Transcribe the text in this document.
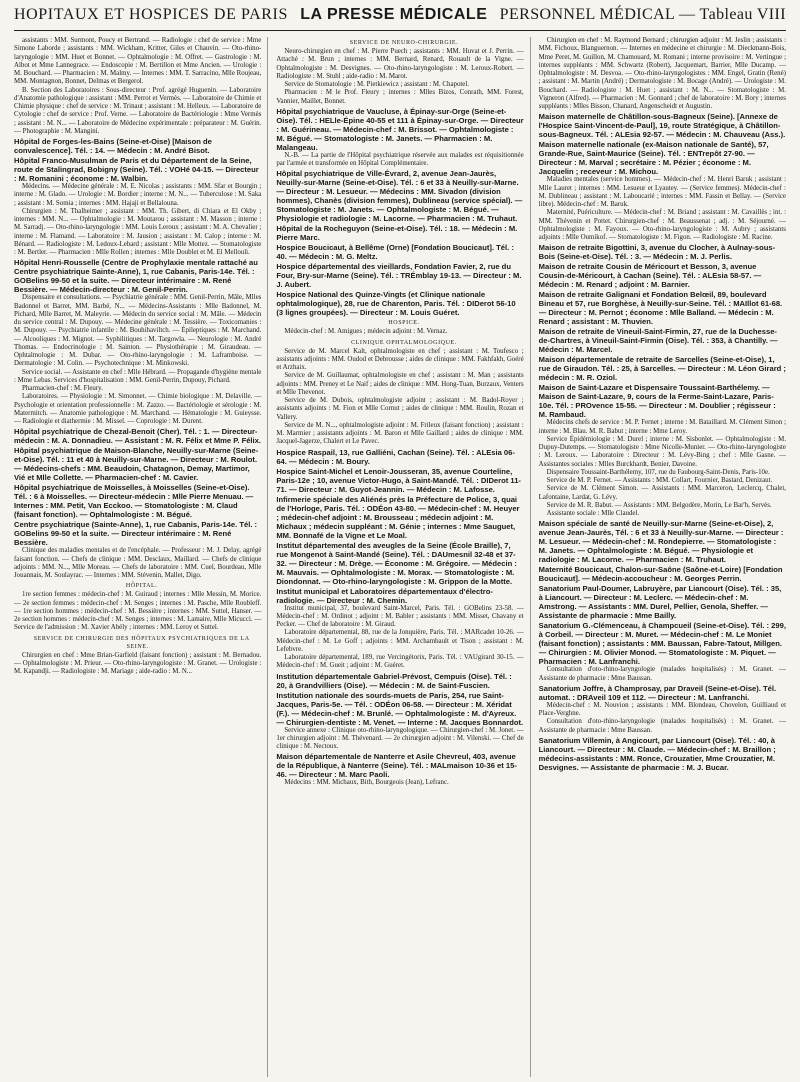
HOPITAUX ET HOSPICES DE PARIS LA PRESSE MÉDICALE PERSONNEL MÉDICAL — Tableau VIII

assistants : MM. Surmont, Poucy et Bertrand. — Radiologie : chef de service : Mme Simone Laborde ; assistants : MM. Wickham, Kritter, Giles et Chauvin. — Oto-rhino-laryngologie : MM. Huet et Bonnet. — Ophtalmologie : M. Offret. — Gastrologie : M. Albot et Mme Lannegrace. — Endoscopie : M. Bertillon et Mme Ancien. — Urologie : M. Bouchard. — Pharmacien : M. Malmy. — Internes : MM. T. Sarracino, Mlle Roujeau, MM. Montagnon, Bonnet, Delmas et Bergerol.

B. Section des Laboratoires : Sous-directeur : Prof. agrégé Huguenin. — Laboratoire d'Anatomie pathologique : assistant : MM. Perrot et Vermès. — Laboratoire de Chimie et Chimie physique : chef de service : M. Trinaut ; assistant : M. Helleux. — Laboratoire de Cytologie : chef de service : Prof. Verne. — Laboratoire de Bactériologie : Mme Vermès ; assistant : M. N... — Laboratoire de Médecine expérimentale : préparateur : M. Guérin. — Photographie : M. Mangini.

Hôpital de Forges-les-Bains (Seine-et-Oise) [Maison de convalescence]. Tél. : 14. — Médecin : M. André Bisot.
Hôpital Franco-Musulman de Paris et du Département de la Seine, route de Stalingrad, Bobigny (Seine). Tél. : VOHé 04-15. — Directeur : M. Romanini ; économe : M. Walbin.

Médecins. — Médecine générale : M. E. Nicolas ; assistants : MM. Sfar et Bourgin ; interne : M. Glado. — Urologie : M. Bordier ; interne : M. N... — Tuberculose : M. Saka ; assistant : M. Somia ; internes : MM. Hajaji et Bellalouna.

Chirurgien : M. Thalheimer ; assistant : MM. Th. Gibert, di Chiara et El Okby ; internes : MM. N... — Ophtalmologie : M. Moutarou ; assistant : M. Masson ; interne : M. Sarradj. — Oto-rhino-laryngologie : MM. Louis Leroux ; assistant : M. A. Chevalier ; interne : M. Flamand. — Laboratoire : M. Jausion ; assistant : M. Calop ; interne : M. Bénard. — Radiologiste : M. Ledoux-Lebard ; assistant : Mlle Mottez. — Stomatologiste : M. Bertler. — Pharmacien : Mlle Rollen ; internes : Mlle Doublet et M. El Mellouli.

Hôpital Henri-Rousselle (Centre de Prophylaxie mentale rattaché au Centre psychiatrique Sainte-Anne), 1, rue Cabanis, Paris-14e. Tél. : GOBelins 99-50 et la suite. — Directeur intérimaire : M. René Bessière. — Médecin-directeur : M. Genil-Perrin.

Dispensaire et consultations. — Psychiatrie générale : MM. Genil-Perrin, Mâle, Mlles Badonnel et Barret, MM. Barbé, N... — Médecins-Assistants : Mlle Badonnel, M. Pichard, Mlle Barret, M. Maleyrie. — Médecin du service social : M. Mâle. — Médecin du service central : M. Dupouy. — Médecine générale : M. Tessière. — Toxicomanies : M. Dupouy. — Psychiatrie infantile : M. Bouhihaviltch. — Épileptiques : M. Marchand. — Alcooliques : M. Mignot. — Syphilitiques : M. Targowla. — Neurologie : M. André Thomas. — Endocrinologie : M. Sainton. — Physiothérapie : M. Giraudeau. — Ophtalmologie : M. Dubar. — Oto-rhino-laryngologie : M. Laframboise. — Dermatologie : M. Colin. — Psychotechnique : M. Minkowski.

Service social. — Assistante en chef : Mlle Hébrard. — Propagande d'hygiène mentale : Mme Lebas. Services d'hospitalisation : MM. Genil-Perrin, Dupouy, Pichard.

Pharmacien-chef : M. Fleury.

Laboratoires. — Physiologie : M. Simonnet. — Chimie biologique : M. Delaville. — Psychologie et orientation professionnelle : M. Zazzo. — Bactériologie et sérologie : M. Matermitch. — Anatomie pathologique : M. Marchand. — Hématologie : M. Guieysse. — Radiologie et diathermie : M. Missel. — Coprologie : M. Durent.

Hôpital psychiatrique de Chezal-Benoit (Cher). Tél. : 1. — Directeur-médecin : M. A. Donnadieu. — Assistant : M. R. Félix et Mme P. Félix.
Hôpital psychiatrique de Maison-Blanche, Neuilly-sur-Marne (Seine-et-Oise). Tél. : 11 et 40 à Neuilly-sur-Marne. — Directeur : M. Roulot. — Médecins-chefs : MM. Beaudoin, Chatagnon, Demay, Martimor, Vié et Mlle Collette. — Pharmacien-chef : M. Cavier.
Hôpital psychiatrique de Moisselles, à Moisselles (Seine-et-Oise). Tél. : 6 à Moisselles. — Directeur-médecin : Mlle Pierre Menuau. — Internes : MM. Petit, Van Ecckoo. — Stomatologiste : M. Claud (faisant fonction). — Ophtalmologiste : M. Bégué.
Centre psychiatrique (Sainte-Anne), 1, rue Cabanis, Paris-14e. Tél. : GOBelins 99-50 et la suite. — Directeur intérimaire : M. René Bessière.

Clinique des maladies mentales et de l'encéphale. — Professeur : M. J. Delay, agrégé faisant fonction. — Chefs de clinique : MM. Desclaux, Maillard. — Chefs de clinique adjoints : MM. N..., Mlle Moreau. — Chefs de laboratoire : MM. Cuel, Bourdeau, Mlle Jouannais, M. Soulayrac. — Internes : MM. Stévenin, Mallet, Digo.

HÔPITAL.

1re section femmes : médecin-chef : M. Guiraud ; internes : Mlle Messin, M. Morice. — 2e section femmes : médecin-chef : M. Senges ; internes : M. Pasche, Mlle Roubleff. — 1re section hommes : médecin-chef : M. Bessière ; internes : MM. Suttel, Hanser. — 2e section hommes : médecin-chef : M. Senges ; internes : M. Lamaire, Mlle Micucci. — Service de l'admission : M. Xavier Abély ; internes : MM. Leroy et Suttel.

SERVICE DE CHIRURGIE DES HÔPITAUX PSYCHIATRIQUES DE LA SEINE.

Chirurgien en chef : Mme Brian-Garfield (faisant fonction) ; assistant : M. Bernadou. — Ophtalmologiste : M. Prieur. — Oto-rhino-laryngologiste : M. Granet. — Urologiste : M. Kapandji. — Radiologiste : M. Mariage ; aide-radio : M. N...

SERVICE DE NEURO-CHIRURGIE.

Neuro-chirurgien en chef : M. Pierre Puech ; assistants : MM. Huvat et J. Perrin. — Attaché : M. Brun ; internes : MM. Bernard, Renard, Rouault de la Vigne. — Ophtalmologiste : M. Desvignes. — Oto-rhino-laryngologiste : M. Leroux-Robert. — Radiologiste : M. Stuhl ; aide-radio : M. Marot.

Service de Stomatologie : M. Pietkiewicz ; assistant : M. Chapotel.

Pharmacien : M le Prof. Fleury ; internes : Mlles Bizos, Conrath, MM. Forest, Vannier, Maillet, Bonnet.

Hôpital psychiatrique de Vaucluse, à Épinay-sur-Orge (Seine-et-Oise). Tél. : HELle-Épine 40-55 et 111 à Épinay-sur-Orge. — Directeur : M. Guérineau. — Médecin-chef : M. Brissot. — Ophtalmologiste : M. Bégué. — Stomatologiste : M. Janets. — Pharmacien : M. Malangeau.

N.-B. — La partie de l'Hôpital psychiatrique réservée aux malades est réquisitionnée par l'armée et transformée en Hôpital Complémentaire.

Hôpital psychiatrique de Ville-Évrard, 2, avenue Jean-Jaurès, Neuilly-sur-Marne (Seine-et-Oise). Tél. : 6 et 33 à Neuilly-sur-Marne. — Directeur : M. Lesueur. — Médecins : MM. Sivadon (division hommes), Chanès (division femmes), Dublineau (service spécial). — Stomatologiste : M. Janets. — Ophtalmologiste : M. Bégué. — Physiologie et radiologie : M. Lacorne. — Pharmacien : M. Truhaut.
Hôpital de la Rocheguyon (Seine-et-Oise). Tél. : 18. — Médecin : M. Pierre Marc.
Hospice Boucicaut, à Bellême (Orne) [Fondation Boucicaut]. Tél. : 40. — Médecin : M. G. Meltz.
Hospice départemental des vieillards, Fondation Favier, 2, rue du Four, Bry-sur-Marne (Seine). Tél. : TRÉmblay 19-13. — Directeur : M. J. Aubert.
Hospice National des Quinze-Vingts (et Clinique nationale ophtalmologique), 28, rue de Charenton, Paris. Tél. : DIDerot 56-10 (3 lignes groupées). — Directeur : M. Louis Guéret.

HOSPICE.

Médecin-chef : M. Amigues ; médecin adjoint : M. Vernaz.

CLINIQUE OPHTALMOLOGIQUE.

Service de M. Marcel Kalt, ophtalmologiste en chef ; assistant : M. Toufesco ; assistants adjoints : MM. Oudod et Debrousse ; aides de clinique : MM. Fakhfakh, Goéré et Arzhaix.

Service de M. Guillaumat, ophtalmologiste en chef ; assistant : M. Man ; assistants adjoints : MM. Preney et Le Naif ; aides de clinique : MM. Hong-Tuan, Burzaux, Venters et Mlle Thevenot.

Service de M. Dubois, ophtalmologiste adjoint ; assistant : M. Badol-Royer ; assistants adjoints : M. Fion et Mlle Cornut ; aides de clinique : MM. Roulin, Rozan et Vallery.

Service de M. N..., ophtalmologiste adjoint : M. Frileux (faisant fonction) ; assistant : M. Marmier ; assistants adjoints : M. Baron et Mlle Gaillard ; aides de clinique : MM. Jacquel-Jagerze, Chalert et Le Pavec.

Hospice Raspail, 13, rue Galliéni, Cachan (Seine). Tél. : ALEsia 06-64. — Médecin : M. Boury.
Hospice Saint-Michel et Lenoir-Jousseran, 35, avenue Courteline, Paris-12e ; 10, avenue Victor-Hugo, à Saint-Mandé. Tél. : DIDerot 11-71. — Directeur : M. Guyot-Jeannin. — Médecin : M. Lafosse.
Infirmerie spéciale des Aliénés près la Préfecture de Police, 3, quai de l'Horloge, Paris. Tél. : ODÉon 43-80. — Médecin-chef : M. Heuyer ; médecin-chef adjoint : M. Brousseau ; médecin adjoint : M. Michaux ; médecin suppléant : M. Génie ; internes : Mme Sauguet, MM. Bonnafé de la Vigne et Le Moal.
Institut départemental des aveugles de la Seine (École Braille), 7, rue Mongenot à Saint-Mandé (Seine). Tél. : DAUmesnil 32-48 et 37-32. — Directeur : M. Drège. — Économe : M. Grégoire. — Médecin : M. Mauvais. — Ophtalmologiste : M. Morax. — Stomatologiste : M. Diondonnat. — Oto-rhino-laryngologiste : M. Grippon de la Motte.
Institut municipal et Laboratoires départementaux d'électro-radiologie. — Directeur : M. Chemin.

Institut municipal, 37, boulevard Saint-Marcel, Paris. Tél. : GOBelins 23-58. — Médecin-chef : M. Ordinot ; adjoint : M. Babler ; assistants : MM. Misset, Chavany et Pecker. — Chef de laboratoire : M. Giraud.

Laboratoire départemental, 88, rue de la Jonquière, Paris. Tél. : MARcadet 10-26. — Médecin-chef : M. Le Goff ; adjoints : MM. Archambault et Tison ; assistant : M. Lefebvre.

Laboratoire départemental, 189, rue Vercingétorix, Paris. Tél. : VAUgirard 30-15. — Médecin-chef : M. Gueit ; adjoint : M. Guéret.

Institution départementale Gabriel-Prévost, Cempuis (Oise). Tél. : 20, à Grandvilliers (Oise). — Médecin : M. de Saint-Fuscien.
Institution nationale des sourds-muets de Paris, 254, rue Saint-Jacques, Paris-5e. — Tél. : ODÉon 06-58. — Directeur : M. Xéridat (F.). — Médecin-chef : M. Brunlé. — Ophtalmologiste : M. d'Ayreux. — Chirurgien-dentiste : M. Venet. — Interne : M. Jacques Bonnardot.

Service annexe : Clinique oto-rhino-laryngologique. — Chirurgien-chef : M. Jonet. — 1er chirurgien adjoint : M. Thévenard. — 2e chirurgien adjoint : M. Vilenski. — Chef de clinique : M. Nectoux.

Maison départementale de Nanterre et Asile Chevreul, 403, avenue de la République, à Nanterre (Seine). Tél. : MALmaison 10-36 et 15-46. — Directeur : M. Marc Paoli.

Médecins : MM. Michaux, Bith, Bourgeois (Jean), Lefranc.

Chirurgien en chef : M. Raymond Bernard ; chirurgien adjoint : M. Jeslin ; assistants : MM. Fichoux, Blanguernon. — Internes en médecine et chirurgie : M. Dieckmann-Bois, Mme Peret, M. Guillon, M. Chamouard, M. Romani ; interne provisoire : M. Vertingue ; internes suppléants : MM. Schwartz (Robert), Jacquemart, Barrier, Mlle Ducamp. — Ophtalmologiste : M. Desvoa. — Oto-rhino-laryngologistes : MM. Engel, Gratin (René) ; assistant : M. Martin (André) ; Dermatologiste : M. Bocage (André). — Urologiste : M. Bouchard. — Radiologiste : M. Huet ; assistant : M. N... — Stomatologiste : M. Vigneron (Alfred). — Pharmacien : M. Gonnard ; chef de laboratoire : M. Bory ; internes suppléants : Mlles Bisson, Chanard, Angenscheidt et Augustin.

Maison maternelle de Châtillon-sous-Bagneux (Seine). [Annexe de l'Hospice Saint-Vincent-de-Paul], 19, route Stratégique, à Châtillon-sous-Bagneux. Tél. : ALEsia 92-57. — Médecin : M. Chauveau (Ass.).
Maison maternelle nationale (ex-Maison nationale de Santé), 57, Grande-Rue, Saint-Maurice (Seine). Tél. : ENTrepôt 27-90. — Directeur : M. Marval ; secrétaire : M. Pézier ; économe : M. Jacquelin ; receveur : M. Michou.

Maladies mentales (service hommes). — Médecin-chef : M. Henri Baruk ; assistant : Mlle Lauret ; internes : MM. Lesueur et Lyautey. — (Service femmes). Médecin-chef : M. Dublineau ; assistant : M. Laboucarié ; internes : MM. Fassin et Bellay. — (Service libre). Médecin-chef : M. Baruk.

Maternité, Puériculture. — Médecin-chef : M. Briand ; assistant : M. Cavaillès ; int. : MM. Thévenin et Pottet. Chirurgien-chef : M. Beaussenat ; adj. : M. Séjourné. — Ophtalmologiste : M. Fayoux. — Oto-rhino-laryngologiste : M. Aubry ; assistants adjoints : Mlle Oumikof. — Stomatologiste : M. Figon. — Radiologiste : M. Racine.

Maison de retraite Bigottini, 3, avenue du Clocher, à Aulnay-sous-Bois (Seine-et-Oise). Tél. : 3. — Médecin : M. J. Perlis.
Maison de retraite Cousin de Méricourt et Besson, 3, avenue Cousin-de-Méricourt, à Cachan (Seine). Tél. : ALEsia 58-57. — Médecin : M. Renard ; adjoint : M. Barnier.
Maison de retraite Galignani et Fondation Belœil, 89, boulevard Bineau et 57, rue Borghèse, à Neuilly-sur-Seine. Tél. : MAIllot 61-68. — Directeur : M. Pernot ; économe : Mlle Balland. — Médecin : M. Renard ; assistant : M. Thuvien.
Maison de retraite de Vineuil-Saint-Firmin, 27, rue de la Duchesse-de-Chartres, à Vineuil-Saint-Firmin (Oise). Tél. : 353, à Chantilly. — Médecin : M. Marcel.
Maison départementale de retraite de Sarcelles (Seine-et-Oise), 1, rue de Giraudon. Tél. : 25, à Sarcelles. — Directeur : M. Léon Girard ; médecin : M. R. Oziol.
Maison de Saint-Lazare et Dispensaire Toussaint-Barthélemy. — Maison de Saint-Lazare, 9, cours de la Ferme-Saint-Lazare, Paris-10e. Tél. : PROvence 15-55. — Directeur : M. Doublier ; régisseur : M. Rambaud.

Médecins chefs de service : M. P. Fernet ; interne : M. Bataillard. M. Clément Simon ; interne : M. Blau. M. R. Babut ; interne : Mme Leroy.

Service Épidémiologie : M. Durel ; interne : M. Sisbonlet. — Ophtalmologiste : M. Dupuy-Dutemps. — Stomatologiste : Mme Nicolle-Munier. — Oto-rhino-laryngologiste : M. Leroux. — Laboratoire : Directeur : M. Lévy-Bing ; chef : Mlle Gasne. — Assistantes sociales : Mlles Burckhardt, Benier, Davoine.

Dispensaire Toussaint-Barthélemy, 107, rue du Faubourg-Saint-Denis, Paris-10e.

Service de M. P. Fernet. — Assistants : MM. Collart, Fournier, Bastard, Denizaut.

Service de M. Clément Simon. — Assistants : MM. Marceron, Leclercq, Chalet, Lafontaine, Lardat, G. Lévy.

Service de M. R. Babut. — Assistants : MM. Belgodère, Morin, Le Bar'h, Servès.

Assistante sociale : Mlle Claudel.

Maison spéciale de santé de Neuilly-sur-Marne (Seine-et-Oise), 2, avenue Jean-Jaurès, Tél. : 6 et 33 à Neuilly-sur-Marne. — Directeur : M. Lesueur. — Médecin-chef : M. Rondepierre. — Stomatologiste : M. Janets. — Ophtalmologiste : M. Bégué. — Physiologie et radiologie : M. Lacorne. — Pharmacien : M. Truhaut.
Maternité Boucicaut, Chalon-sur-Saône (Saône-et-Loire) [Fondation Boucicaut]. — Médecin-accoucheur : M. Georges Perrin.
Sanatorium Paul-Doumer, Labruyère, par Liancourt (Oise). Tél. : 35, à Liancourt. — Directeur : M. Leclerc. — Médecin-chef : M. Amstrong. — Assistants : MM. Durel, Pellier, Genola, Sheffer. — Assistante de pharmacie : Mme Bailly.
Sanatorium G.-Clémenceau, à Champcueil (Seine-et-Oise). Tél. : 299, à Corbeil. — Directeur : M. Muret. — Médecin-chef : M. Le Moniet (faisant fonction) ; assistants : MM. Baussan, Fabre-Tatout, Millgen. — Chirurgien : M. Olivier Monod. — Stomatologiste : M. Piquet. — Pharmacien : M. Lanfranchi.

Consultation d'oto-rhino-laryngologie (malades hospitalisés) : M. Granet. — Assistante de pharmacie : Mme Baussan.

Sanatorium Joffre, à Champrosay, par Draveil (Seine-et-Oise). Tél. automat. : DRAveil 109 et 112. — Directeur : M. Lanfranchi.

Médecin-chef : M. Nouvion ; assistants : MM. Blondeau, Chovelon, Guilliaud et Place-Verghne.

Consultation d'oto-rhino-laryngologie (malades hospitalisés) : M. Granet. — Assistante de pharmacie : Mme Baussan.

Sanatorium Villemin, à Angicourt, par Liancourt (Oise). Tél. : 40, à Liancourt. — Directeur : M. Claude. — Médecin-chef : M. Braillon ; médecins-assistants : MM. Ronce, Crouzatier, Mme Crouzatier, M. Desvignes. — Assistante de pharmacie : M. J. Bucar.
